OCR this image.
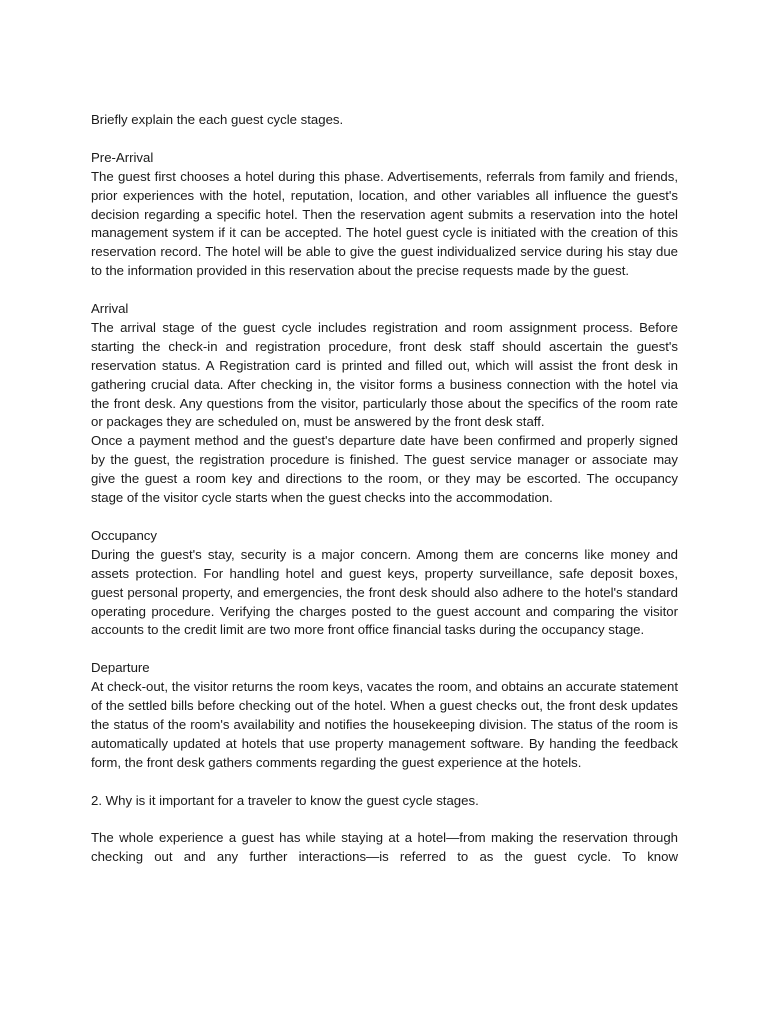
Briefly explain the each guest cycle stages.

Pre-Arrival

The guest first chooses a hotel during this phase. Advertisements, referrals from family and friends, prior experiences with the hotel, reputation, location, and other variables all influence the guest's decision regarding a specific hotel. Then the reservation agent submits a reservation into the hotel management system if it can be accepted. The hotel guest cycle is initiated with the creation of this reservation record. The hotel will be able to give the guest individualized service during his stay due to the information provided in this reservation about the precise requests made by the guest.

Arrival

The arrival stage of the guest cycle includes registration and room assignment process. Before starting the check-in and registration procedure, front desk staff should ascertain the guest's reservation status. A Registration card is printed and filled out, which will assist the front desk in gathering crucial data. After checking in, the visitor forms a business connection with the hotel via the front desk. Any questions from the visitor, particularly those about the specifics of the room rate or packages they are scheduled on, must be answered by the front desk staff.

Once a payment method and the guest's departure date have been confirmed and properly signed by the guest, the registration procedure is finished. The guest service manager or associate may give the guest a room key and directions to the room, or they may be escorted. The occupancy stage of the visitor cycle starts when the guest checks into the accommodation.

Occupancy

During the guest's stay, security is a major concern. Among them are concerns like money and assets protection. For handling hotel and guest keys, property surveillance, safe deposit boxes, guest personal property, and emergencies, the front desk should also adhere to the hotel's standard operating procedure. Verifying the charges posted to the guest account and comparing the visitor accounts to the credit limit are two more front office financial tasks during the occupancy stage.

Departure

At check-out, the visitor returns the room keys, vacates the room, and obtains an accurate statement of the settled bills before checking out of the hotel. When a guest checks out, the front desk updates the status of the room's availability and notifies the housekeeping division. The status of the room is automatically updated at hotels that use property management software. By handing the feedback form, the front desk gathers comments regarding the guest experience at the hotels.

2. Why is it important for a traveler to know the guest cycle stages.

The whole experience a guest has while staying at a hotel—from making the reservation through checking out and any further interactions—is referred to as the guest cycle. To know
